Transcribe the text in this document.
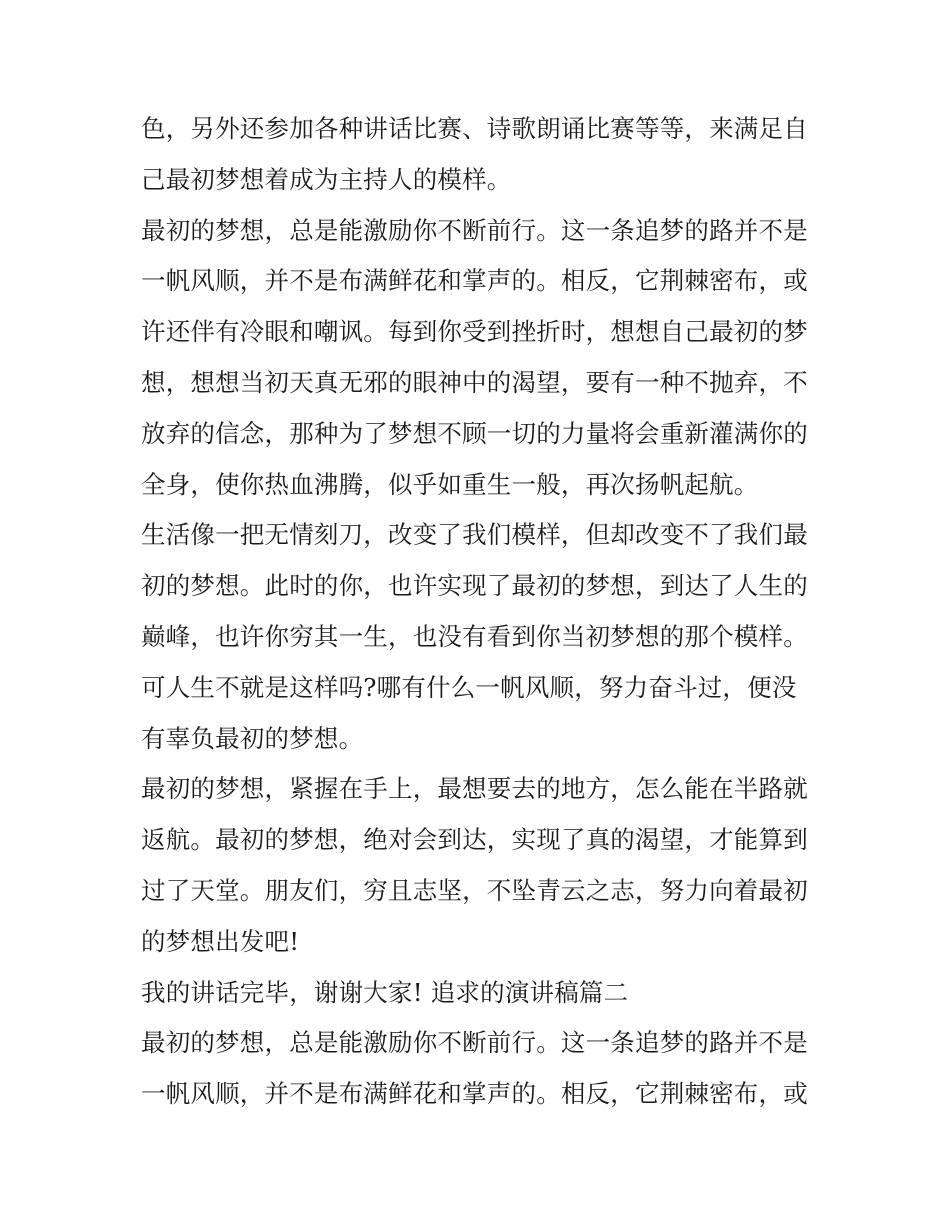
色，另外还参加各种讲话比赛、诗歌朗诵比赛等等，来满足自
己最初梦想着成为主持人的模样。
最初的梦想，总是能激励你不断前行。这一条追梦的路并不是
一帆风顺，并不是布满鲜花和掌声的。相反，它荆棘密布，或
许还伴有冷眼和嘲讽。每到你受到挫折时，想想自己最初的梦
想，想想当初天真无邪的眼神中的渴望，要有一种不抛弃，不
放弃的信念，那种为了梦想不顾一切的力量将会重新灌满你的
全身，使你热血沸腾，似乎如重生一般，再次扬帆起航。
生活像一把无情刻刀，改变了我们模样，但却改变不了我们最
初的梦想。此时的你，也许实现了最初的梦想，到达了人生的
巅峰，也许你穷其一生，也没有看到你当初梦想的那个模样。
可人生不就是这样吗?哪有什么一帆风顺，努力奋斗过，便没
有辜负最初的梦想。
最初的梦想，紧握在手上，最想要去的地方，怎么能在半路就
返航。最初的梦想，绝对会到达，实现了真的渴望，才能算到
过了天堂。朋友们，穷且志坚，不坠青云之志，努力向着最初
的梦想出发吧!
我的讲话完毕，谢谢大家! 追求的演讲稿篇二
最初的梦想，总是能激励你不断前行。这一条追梦的路并不是
一帆风顺，并不是布满鲜花和掌声的。相反，它荆棘密布，或
